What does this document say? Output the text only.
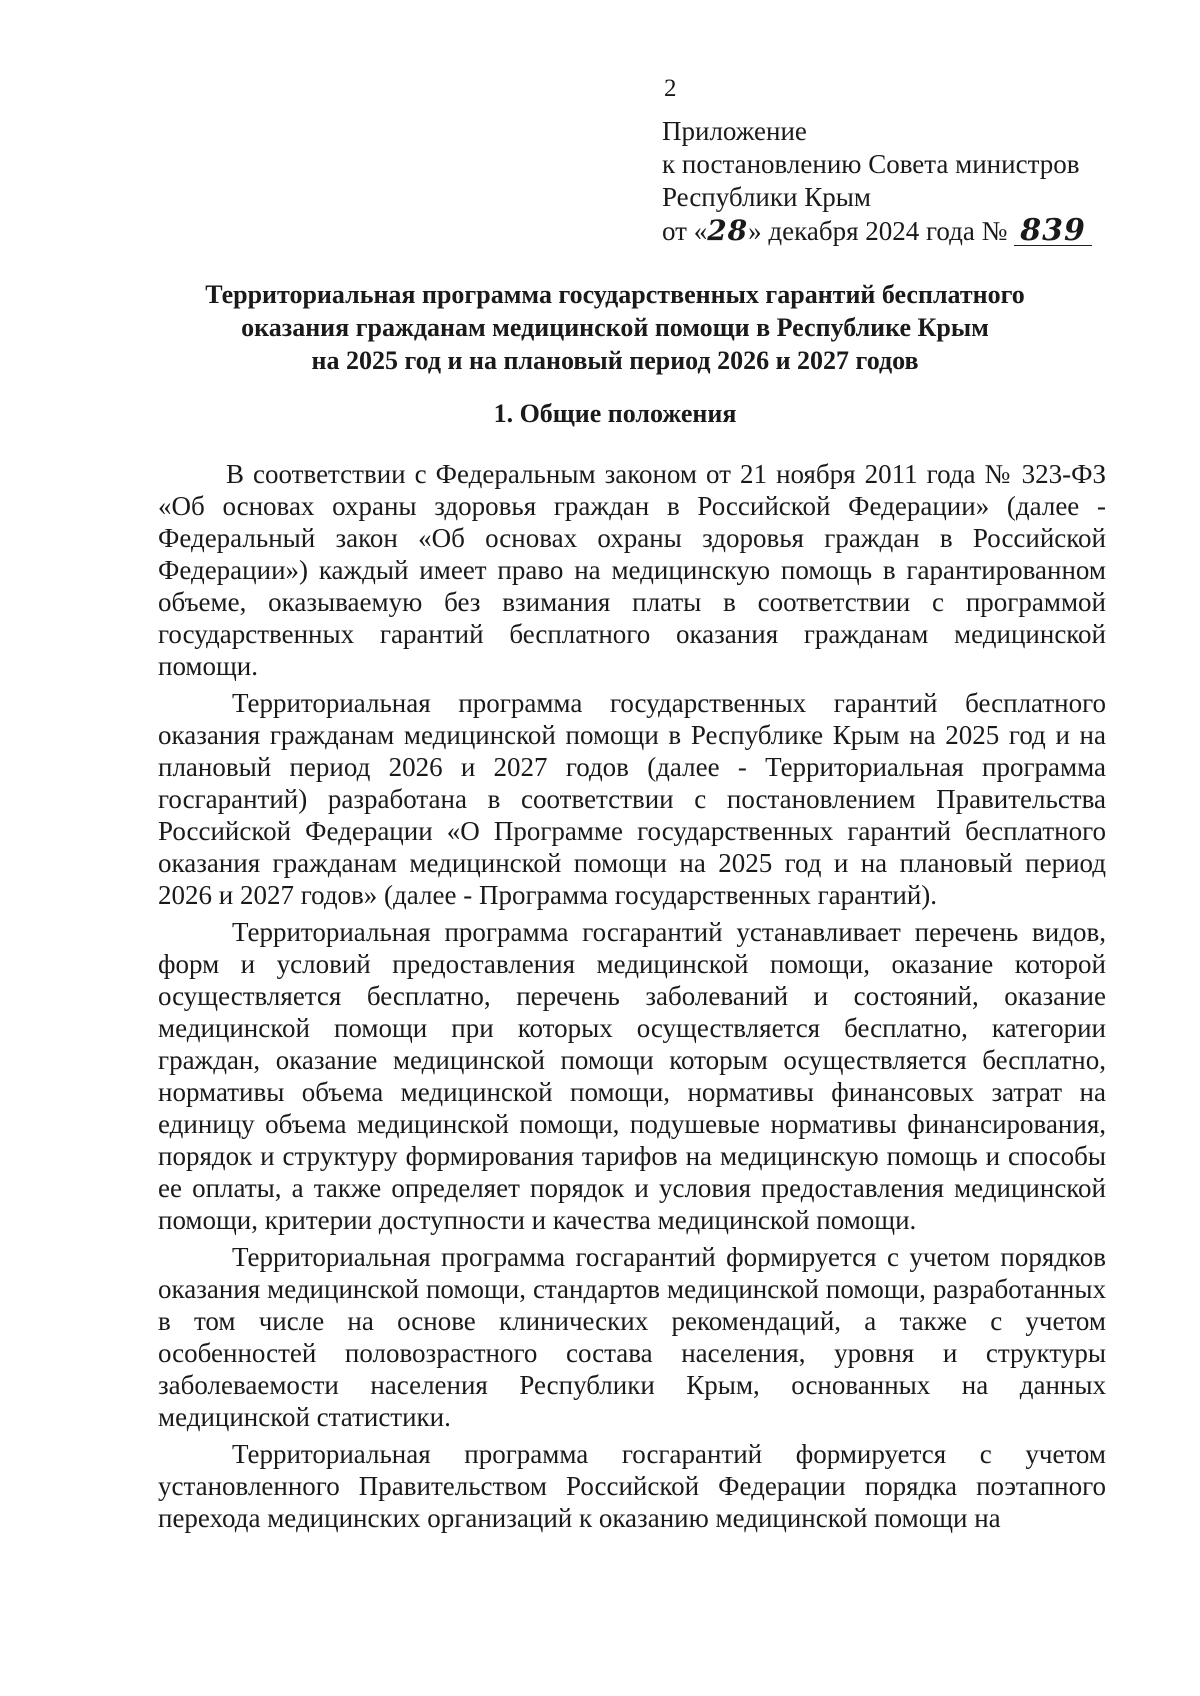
2
Приложение
к постановлению Совета министров
Республики Крым
от «28» декабря 2024 года № 839
Территориальная программа государственных гарантий бесплатного
оказания гражданам медицинской помощи в Республике Крым
на 2025 год и на плановый период 2026 и 2027 годов
1. Общие положения

В соответствии с Федеральным законом от 21 ноября 2011 года № 323-ФЗ «Об основах охраны здоровья граждан в Российской Федерации» (далее - Федеральный закон «Об основах охраны здоровья граждан в Российской Федерации») каждый имеет право на медицинскую помощь в гарантированном объеме, оказываемую без взимания платы в соответствии с программой государственных гарантий бесплатного оказания гражданам медицинской помощи.

Территориальная программа государственных гарантий бесплатного оказания гражданам медицинской помощи в Республике Крым на 2025 год и на плановый период 2026 и 2027 годов (далее - Территориальная программа госгарантий) разработана в соответствии с постановлением Правительства Российской Федерации «О Программе государственных гарантий бесплатного оказания гражданам медицинской помощи на 2025 год и на плановый период 2026 и 2027 годов» (далее - Программа государственных гарантий).

Территориальная программа госгарантий устанавливает перечень видов, форм и условий предоставления медицинской помощи, оказание которой осуществляется бесплатно, перечень заболеваний и состояний, оказание медицинской помощи при которых осуществляется бесплатно, категории граждан, оказание медицинской помощи которым осуществляется бесплатно, нормативы объема медицинской помощи, нормативы финансовых затрат на единицу объема медицинской помощи, подушевые нормативы финансирования, порядок и структуру формирования тарифов на медицинскую помощь и способы ее оплаты, а также определяет порядок и условия предоставления медицинской помощи, критерии доступности и качества медицинской помощи.

Территориальная программа госгарантий формируется с учетом порядков оказания медицинской помощи, стандартов медицинской помощи, разработанных в том числе на основе клинических рекомендаций, а также с учетом особенностей половозрастного состава населения, уровня и структуры заболеваемости населения Республики Крым, основанных на данных медицинской статистики.

Территориальная программа госгарантий формируется с учетом установленного Правительством Российской Федерации порядка поэтапного перехода медицинских организаций к оказанию медицинской помощи на
